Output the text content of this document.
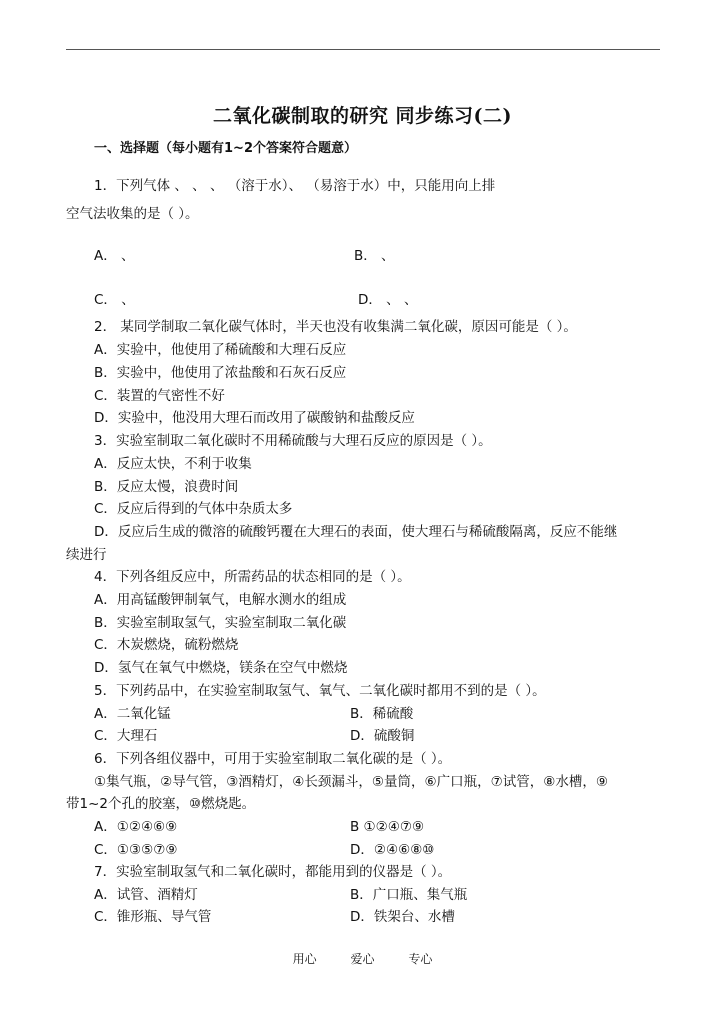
二氧化碳制取的研究 同步练习(二)
一、选择题（每小题有1~2个答案符合题意）
1．下列气体 、 、 、 （溶于水）、 （易溶于水）中，只能用向上排
空气法收集的是（ ）。
A． 、	B． 、
C． 、	D． 、 、
2． 某同学制取二氧化碳气体时，半天也没有收集满二氧化碳，原因可能是（ ）。
A．实验中，他使用了稀硫酸和大理石反应
B．实验中，他使用了浓盐酸和石灰石反应
C．装置的气密性不好
D．实验中，他没用大理石而改用了碳酸钠和盐酸反应
3．实验室制取二氧化碳时不用稀硫酸与大理石反应的原因是（ ）。
A．反应太快，不利于收集
B．反应太慢，浪费时间
C．反应后得到的气体中杂质太多
D．反应后生成的微溶的硫酸钙覆在大理石的表面，使大理石与稀硫酸隔离，反应不能继
续进行
4．下列各组反应中，所需药品的状态相同的是（ ）。
A．用高锰酸钾制氧气，电解水测水的组成
B．实验室制取氢气，实验室制取二氧化碳
C．木炭燃烧，硫粉燃烧
D．氢气在氧气中燃烧，镁条在空气中燃烧
5．下列药品中，在实验室制取氢气、氧气、二氧化碳时都用不到的是（ ）。
A．二氧化锰	B．稀硫酸
C．大理石	D．硫酸铜
6．下列各组仪器中，可用于实验室制取二氧化碳的是（ ）。
①集气瓶，②导气管，③酒精灯，④长颈漏斗，⑤量筒，⑥广口瓶，⑦试管，⑧水槽，⑨
带1~2个孔的胶塞，⑩燃烧匙。
A．①②④⑥⑨	B ①②④⑦⑨
C．①③⑤⑦⑨	D．②④⑥⑧⑩
7．实验室制取氢气和二氧化碳时，都能用到的仪器是（ ）。
A．试管、酒精灯	B．广口瓶、集气瓶
C．锥形瓶、导气管	D．铁架台、水槽
用心	爱心	专心
